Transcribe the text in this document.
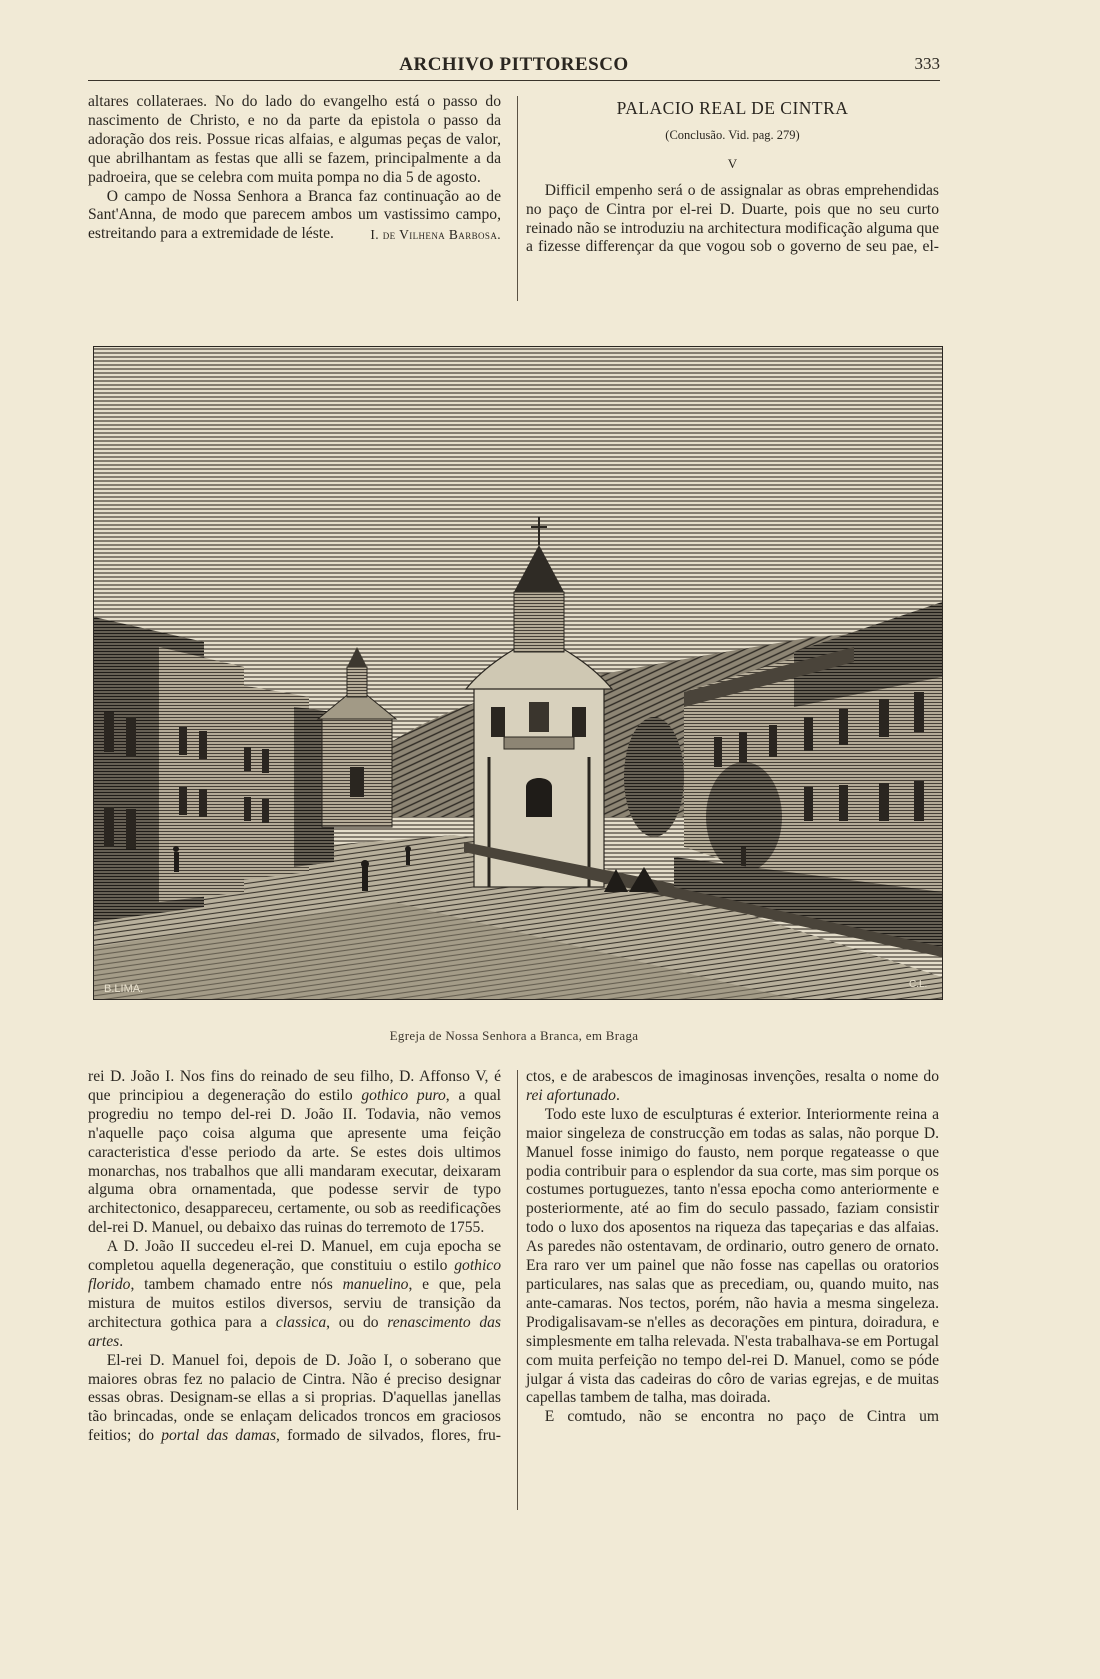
ARCHIVO PITTORESCO	333

altares collateraes. No do lado do evangelho está o passo do nascimento de Christo, e no da parte da epistola o passo da adoração dos reis. Possue ricas alfaias, e algumas peças de valor, que abrilhantam as festas que alli se fazem, principalmente a da padroeira, que se celebra com muita pompa no dia 5 de agosto.

O campo de Nossa Senhora a Branca faz continuação ao de Sant'Anna, de modo que parecem ambos um vastissimo campo, estreitando para a extremidade de léste.	I. de Vilhena Barbosa.

PALACIO REAL DE CINTRA
(Conclusão. Vid. pag. 279)
V

Difficil empenho será o de assignalar as obras emprehendidas no paço de Cintra por el-rei D. Duarte, pois que no seu curto reinado não se introduziu na architectura modificação alguma que a fizesse differençar da que vogou sob o governo de seu pae, el-

B.LIMA.	C.L.
Egreja de Nossa Senhora a Branca, em Braga

rei D. João I. Nos fins do reinado de seu filho, D. Affonso V, é que principiou a degeneração do estilo gothico puro, a qual progrediu no tempo del-rei D. João II. Todavia, não vemos n'aquelle paço coisa alguma que apresente uma feição caracteristica d'esse periodo da arte. Se estes dois ultimos monarchas, nos trabalhos que alli mandaram executar, deixaram alguma obra ornamentada, que podesse servir de typo architectonico, desappareceu, certamente, ou sob as reedificações del-rei D. Manuel, ou debaixo das ruinas do terremoto de 1755.

A D. João II succedeu el-rei D. Manuel, em cuja epocha se completou aquella degeneração, que constituiu o estilo gothico florido, tambem chamado entre nós manuelino, e que, pela mistura de muitos estilos diversos, serviu de transição da architectura gothica para a classica, ou do renascimento das artes.

El-rei D. Manuel foi, depois de D. João I, o soberano que maiores obras fez no palacio de Cintra. Não é preciso designar essas obras. Designam-se ellas a si proprias. D'aquellas janellas tão brincadas, onde se enlaçam delicados troncos em graciosos feitios; do portal das damas, formado de silvados, flores, fru-

ctos, e de arabescos de imaginosas invenções, resalta o nome do rei afortunado.

Todo este luxo de esculpturas é exterior. Interiormente reina a maior singeleza de construcção em todas as salas, não porque D. Manuel fosse inimigo do fausto, nem porque regateasse o que podia contribuir para o esplendor da sua corte, mas sim porque os costumes portuguezes, tanto n'essa epocha como anteriormente e posteriormente, até ao fim do seculo passado, faziam consistir todo o luxo dos aposentos na riqueza das tapeçarias e das alfaias. As paredes não ostentavam, de ordinario, outro genero de ornato. Era raro ver um painel que não fosse nas capellas ou oratorios particulares, nas salas que as precediam, ou, quando muito, nas ante-camaras. Nos tectos, porém, não havia a mesma singeleza. Prodigalisavam-se n'elles as decorações em pintura, doiradura, e simplesmente em talha relevada. N'esta trabalhava-se em Portugal com muita perfeição no tempo del-rei D. Manuel, como se póde julgar á vista das cadeiras do côro de varias egrejas, e de muitas capellas tambem de talha, mas doirada.

E comtudo, não se encontra no paço de Cintra um
